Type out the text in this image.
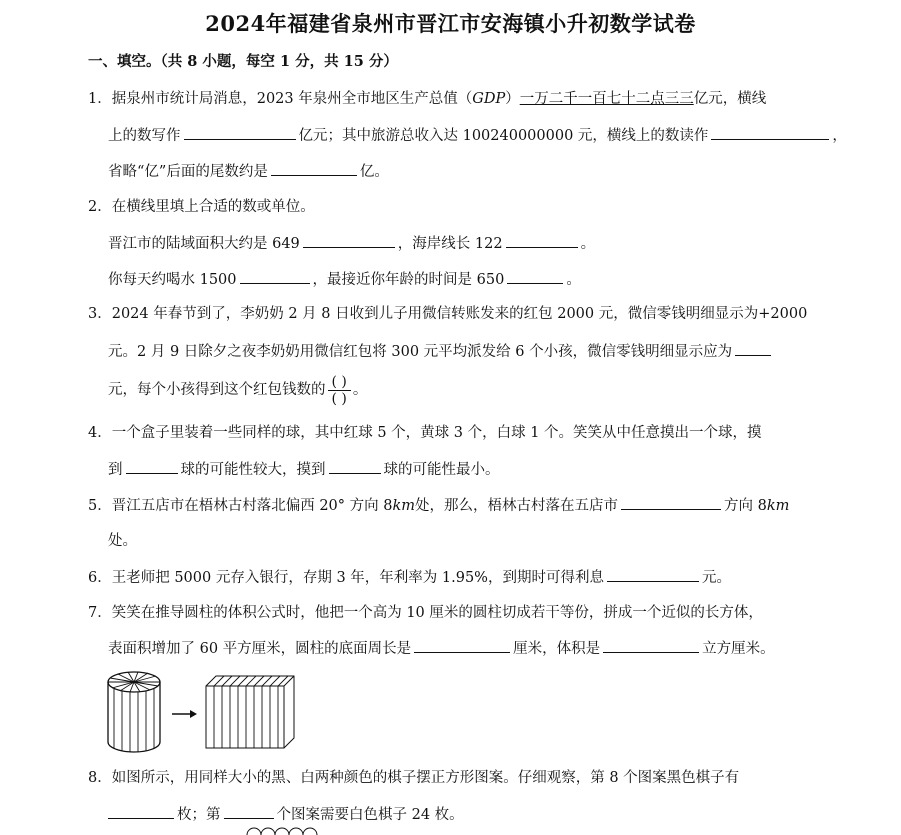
2024年福建省泉州市晋江市安海镇小升初数学试卷
一、填空。（共 8 小题，每空 1 分，共 15 分）
1．据泉州市统计局消息，2023 年泉州全市地区生产总值（GDP）一万二千一百七十二点三三亿元，横线
上的数写作	亿元；其中旅游总收入达 100240000000 元，横线上的数读作	，
省略“亿”后面的尾数约是	亿。
2．在横线里填上合适的数或单位。
晋江市的陆域面积大约是 649	，海岸线长 122	。
你每天约喝水 1500	，最接近你年龄的时间是 650	。
3．2024 年春节到了，李奶奶 2 月 8 日收到儿子用微信转账发来的红包 2000 元，微信零钱明细显示为+2000
元。2 月 9 日除夕之夜李奶奶用微信红包将 300 元平均派发给 6 个小孩，微信零钱明细显示应为
元，每个小孩得到这个红包钱数的 $\frac{( )}{( )}$ 。
4．一个盒子里装着一些同样的球，其中红球 5 个，黄球 3 个，白球 1 个。笑笑从中任意摸出一个球，摸
到	球的可能性较大，摸到	球的可能性最小。
5．晋江五店市在梧林古村落北偏西 20° 方向 8km处，那么，梧林古村落在五店市	方向 8km
处。
6．王老师把 5000 元存入银行，存期 3 年，年利率为 1.95%，到期时可得利息	元。
7．笑笑在推导圆柱的体积公式时，他把一个高为 10 厘米的圆柱切成若干等份，拼成一个近似的长方体，
表面积增加了 60 平方厘米，圆柱的底面周长是	厘米，体积是	立方厘米。
8．如图所示，用同样大小的黑、白两种颜色的棋子摆正方形图案。仔细观察，第 8 个图案黑色棋子有
枚；第	个图案需要白色棋子 24 枚。
